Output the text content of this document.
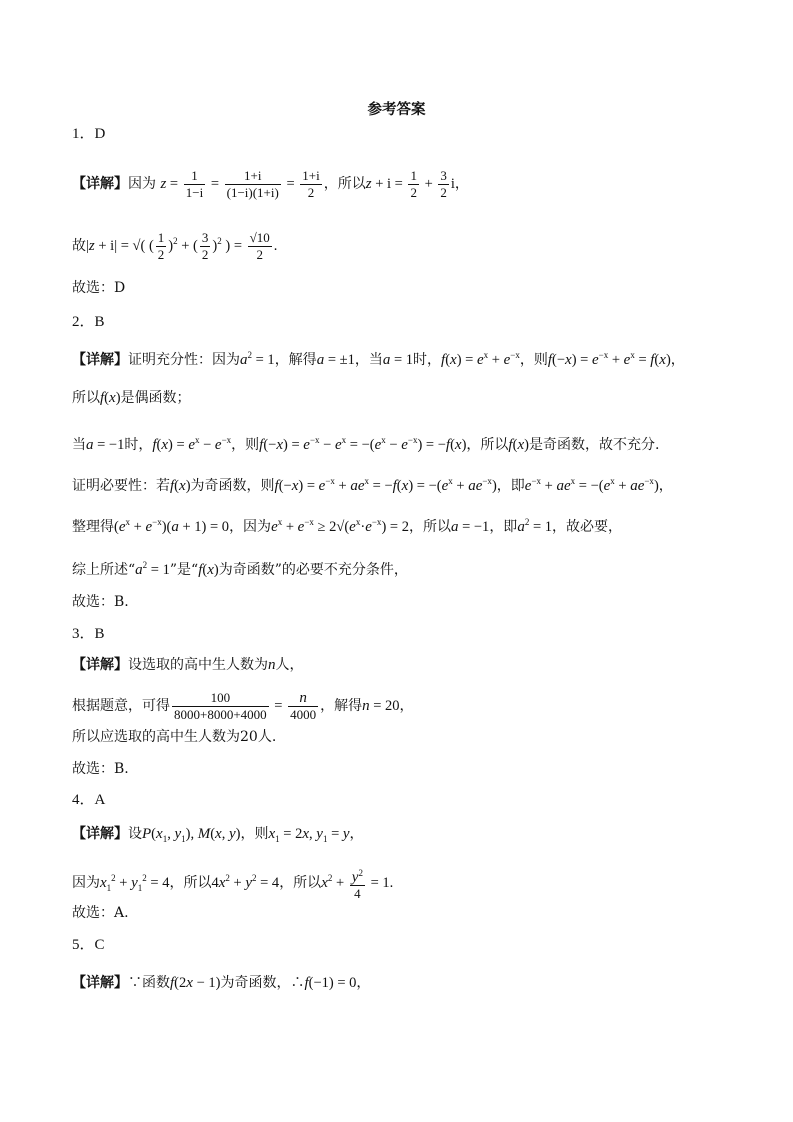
参考答案
1．D
【详解】因为 $z = \frac{1}{1-i} = \frac{1+i}{(1-i)(1+i)} = \frac{1+i}{2}$ ，所以$z + i = \frac{1}{2} + \frac{3}{2}$ i，
故|z + i| = √( ( $\frac{1}{2} )^2$ + ( $\frac{3}{2} )^2$ ) = $\frac{√10}{2}$ .
故选：D
2．B
【详解】证明充分性：因为$a^2 = 1$，解得a = ±1，当a = 1时，$f(x) = e^x + e^{-x}$，则$f(-x) = e^{-x} + e^x = f(x)$，
所以f(x)是偶函数；
当a = −1时，$f(x) = e^x - e^{-x}$，则$f(-x) = e^{-x} - e^x = -(e^x - e^{-x}) = -f(x)$，所以f(x)是奇函数，故不充分.
证明必要性：若f(x)为奇函数，则$f(-x) = e^{-x} + ae^x = -f(x) = -(e^x + ae^{-x})$，即$e^{-x} + ae^x = -(e^x + ae^{-x})$，
整理得$(e^x + e^{-x})(a + 1) = 0$，因为$e^x + e^{-x} \ge 2√(e^x\cdot e^{-x}) = 2$，所以a = −1，即$a^2 = 1$，故必要，
综上所述“$a^2 = 1$”是“f(x)为奇函数”的必要不充分条件，
故选：B.
3．B
【详解】设选取的高中生人数为n人，
根据题意，可得 $\frac{100}{8000+8000+4000} = \frac{n}{4000}$ ，解得n = 20，
所以应选取的高中生人数为20人.
故选：B.
4．A
【详解】设$P(x_1$, $y_1$), M(x, y)，则$x_1 = 2x$, $y_1 = y$，
因为$x_1^2 + y_1^2 = 4$，所以$4x^2 + y^2 = 4$，所以$x^2 + \frac{y^2}{4} = 1$.
故选：A.
5．C
【详解】∵函数f(2x − 1)为奇函数，∴f(−1) = 0，
